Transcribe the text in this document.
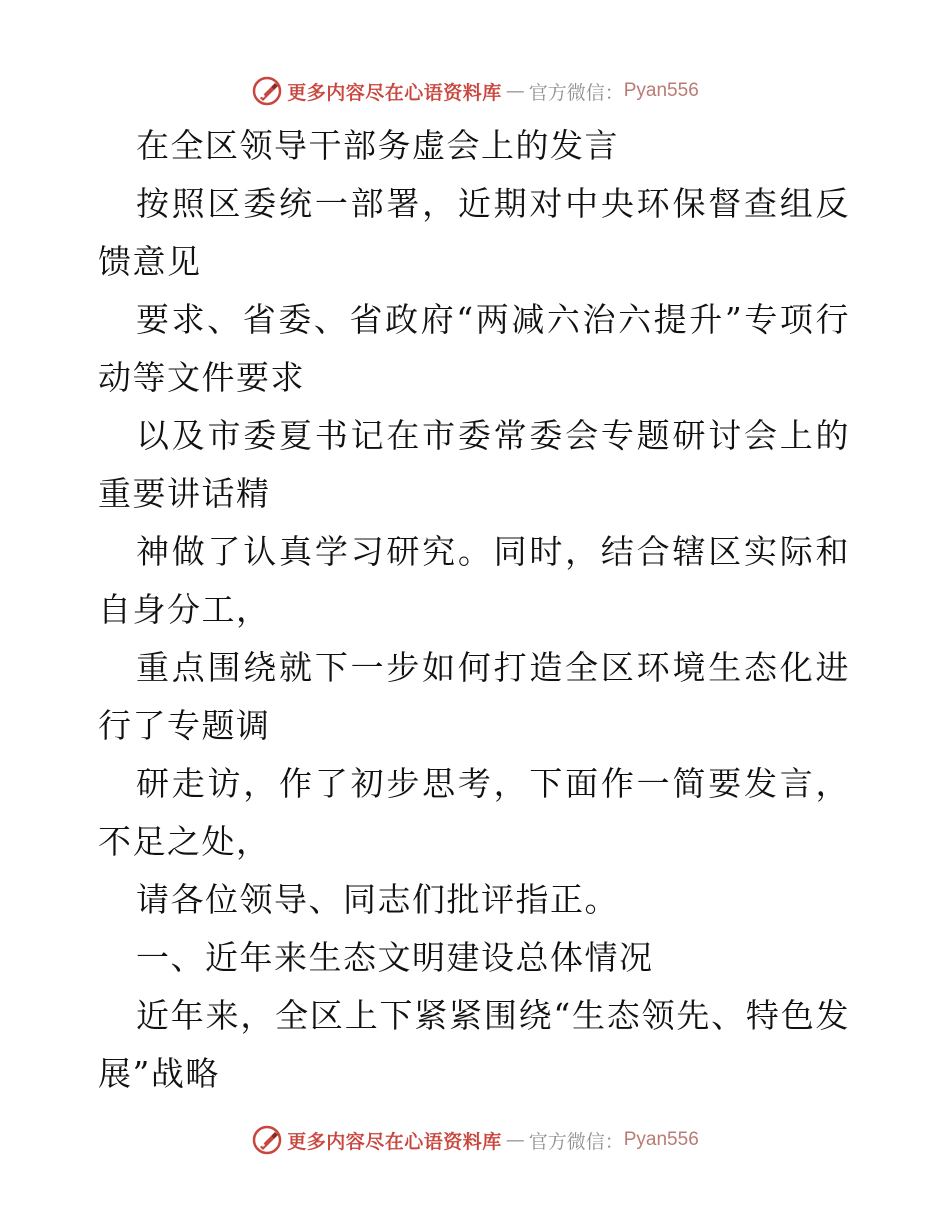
更多内容尽在心语资料库 — 官方微信： Pyan556

在全区领导干部务虚会上的发言

按照区委统一部署，近期对中央环保督查组反馈意见

要求、省委、省政府“两减六治六提升”专项行动等文件要求

以及市委夏书记在市委常委会专题研讨会上的重要讲话精

神做了认真学习研究。同时，结合辖区实际和自身分工，

重点围绕就下一步如何打造全区环境生态化进行了专题调

研走访，作了初步思考，下面作一简要发言，不足之处，

请各位领导、同志们批评指正。

一、近年来生态文明建设总体情况

近年来，全区上下紧紧围绕“生态领先、特色发展”战略

更多内容尽在心语资料库 — 官方微信： Pyan556
